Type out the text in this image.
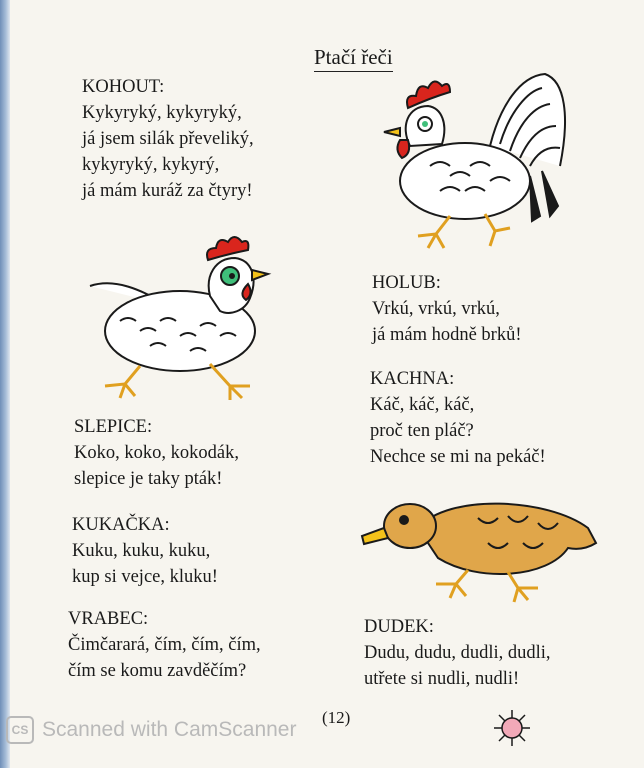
Ptačí řeči
KOHOUT:
Kykyryký, kykyryký,
já jsem silák převeliký,
kykyryký, kykyrý,
já mám kuráž za čtyry!
HOLUB:
Vrkú, vrkú, vrkú,
já mám hodně brků!
KACHNA:
Káč, káč, káč,
proč ten pláč?
Nechce se mi na pekáč!
SLEPICE:
Koko, koko, kokodák,
slepice je taky pták!
KUKAČKA:
Kuku, kuku, kuku,
kup si vejce, kluku!
VRABEC:
Čimčarará, čím, čím, čím,
čím se komu zavděčím?
DUDEK:
Dudu, dudu, dudli, dudli,
utřete si nudli, nudli!
(12)
CS Scanned with CamScanner
